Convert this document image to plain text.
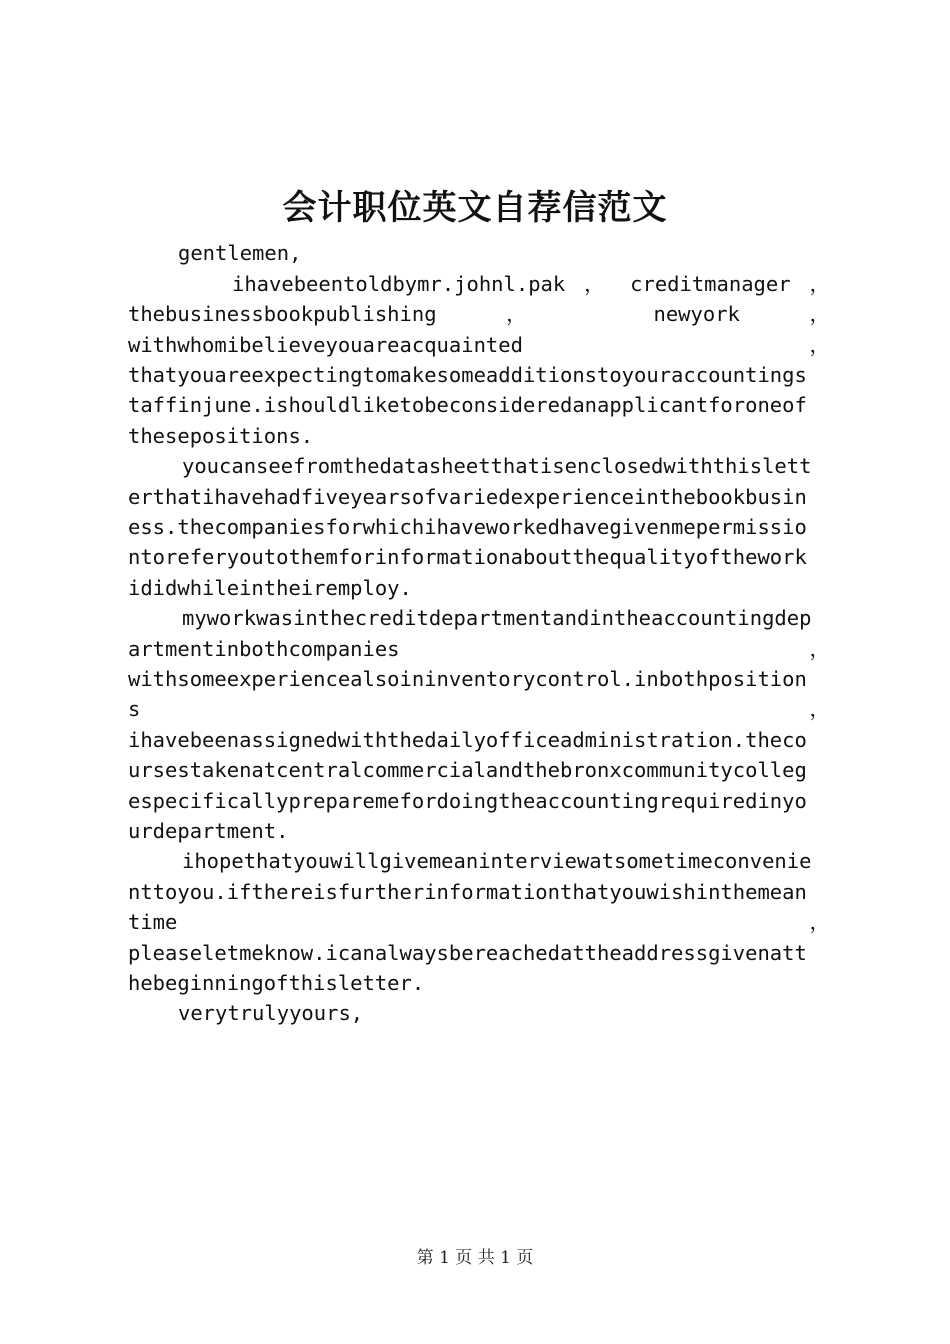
会计职位英文自荐信范文
gentlemen,
ihavebeentoldbymr.johnl.pak ， creditmanager ，
thebusinessbookpublishing ， newyork ，
withwhomibelieveyouareacquainted ，
thatyouareexpectingtomakesomeadditionstoyouraccountings
taffinjune.ishouldliketobeconsideredanapplicantforoneof
thesepositions.
youcanseefromthedatasheetthatisenclosedwiththislett
erthatihavehadfiveyearsofvariedexperienceinthebookbusin
ess.thecompaniesforwhichihaveworkedhavegivenmepermissio
ntoreferyoutothemforinformationaboutthequalityofthework
ididwhileintheiremploy.
myworkwasinthecreditdepartmentandintheaccountingdep
artmentinbothcompanies ，
withsomeexperiencealsoininventorycontrol.inbothposition
s ，
ihavebeenassignedwiththedailyofficeadministration.theco
ursestakenatcentralcommercialandthebronxcommunitycolleg
especificallypreparemefordoingtheaccountingrequiredinyo
urdepartment.
ihopethatyouwillgivemeaninterviewatsometimeconvenie
nttoyou.ifthereisfurtherinformationthatyouwishinthemean
time ，
pleaseletmeknow.icanalwaysbereachedattheaddressgivenatt
hebeginningofthisletter.
verytrulyyours,
第 1 页 共 1 页
